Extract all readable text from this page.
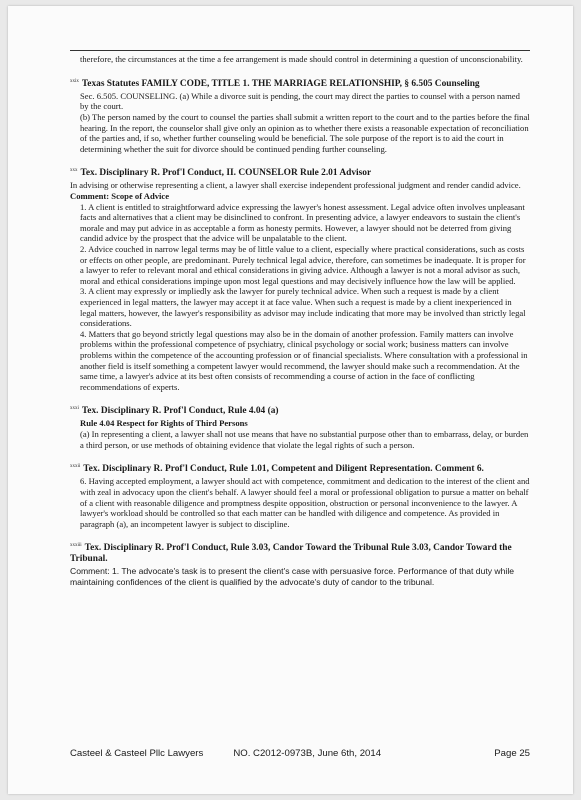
therefore, the circumstances at the time a fee arrangement is made should control in determining a question of unconscionability.

$^{xxix}$ Texas Statutes FAMILY CODE, TITLE 1. THE MARRIAGE RELATIONSHIP, § 6.505 Counseling

Sec. 6.505. COUNSELING. (a) While a divorce suit is pending, the court may direct the parties to counsel with a person named by the court.

(b) The person named by the court to counsel the parties shall submit a written report to the court and to the parties before the final hearing. In the report, the counselor shall give only an opinion as to whether there exists a reasonable expectation of reconciliation of the parties and, if so, whether further counseling would be beneficial. The sole purpose of the report is to aid the court in determining whether the suit for divorce should be continued pending further counseling.

$^{xxx}$ Tex. Disciplinary R. Prof'l Conduct, II. COUNSELOR Rule 2.01 Advisor

In advising or otherwise representing a client, a lawyer shall exercise independent professional judgment and render candid advice.

Comment: Scope of Advice

1. A client is entitled to straightforward advice expressing the lawyer's honest assessment. Legal advice often involves unpleasant facts and alternatives that a client may be disinclined to confront. In presenting advice, a lawyer endeavors to sustain the client's morale and may put advice in as acceptable a form as honesty permits. However, a lawyer should not be deterred from giving candid advice by the prospect that the advice will be unpalatable to the client.

2. Advice couched in narrow legal terms may be of little value to a client, especially where practical considerations, such as costs or effects on other people, are predominant. Purely technical legal advice, therefore, can sometimes be inadequate. It is proper for a lawyer to refer to relevant moral and ethical considerations in giving advice. Although a lawyer is not a moral advisor as such, moral and ethical considerations impinge upon most legal questions and may decisively influence how the law will be applied.

3. A client may expressly or impliedly ask the lawyer for purely technical advice. When such a request is made by a client experienced in legal matters, the lawyer may accept it at face value. When such a request is made by a client inexperienced in legal matters, however, the lawyer's responsibility as advisor may include indicating that more may be involved than strictly legal considerations.

4. Matters that go beyond strictly legal questions may also be in the domain of another profession. Family matters can involve problems within the professional competence of psychiatry, clinical psychology or social work; business matters can involve problems within the competence of the accounting profession or of financial specialists. Where consultation with a professional in another field is itself something a competent lawyer would recommend, the lawyer should make such a recommendation. At the same time, a lawyer's advice at its best often consists of recommending a course of action in the face of conflicting recommendations of experts.

$^{xxxi}$ Tex. Disciplinary R. Prof'l Conduct, Rule 4.04 (a)

Rule 4.04 Respect for Rights of Third Persons

(a) In representing a client, a lawyer shall not use means that have no substantial purpose other than to embarrass, delay, or burden a third person, or use methods of obtaining evidence that violate the legal rights of such a person.

$^{xxxii}$ Tex. Disciplinary R. Prof'l Conduct, Rule 1.01, Competent and Diligent Representation. Comment 6.

6. Having accepted employment, a lawyer should act with competence, commitment and dedication to the interest of the client and with zeal in advocacy upon the client's behalf. A lawyer should feel a moral or professional obligation to pursue a matter on behalf of a client with reasonable diligence and promptness despite opposition, obstruction or personal inconvenience to the lawyer. A lawyer's workload should be controlled so that each matter can be handled with diligence and competence. As provided in paragraph (a), an incompetent lawyer is subject to discipline.

$^{xxxiii}$ Tex. Disciplinary R. Prof'l Conduct, Rule 3.03, Candor Toward the Tribunal Rule 3.03, Candor Toward the Tribunal.

Comment: 1. The advocate's task is to present the client's case with persuasive force. Performance of that duty while maintaining confidences of the client is qualified by the advocate's duty of candor to the tribunal.

Casteel & Casteel Pllc Lawyers	NO. C2012-0973B, June 6th, 2014	Page 25
